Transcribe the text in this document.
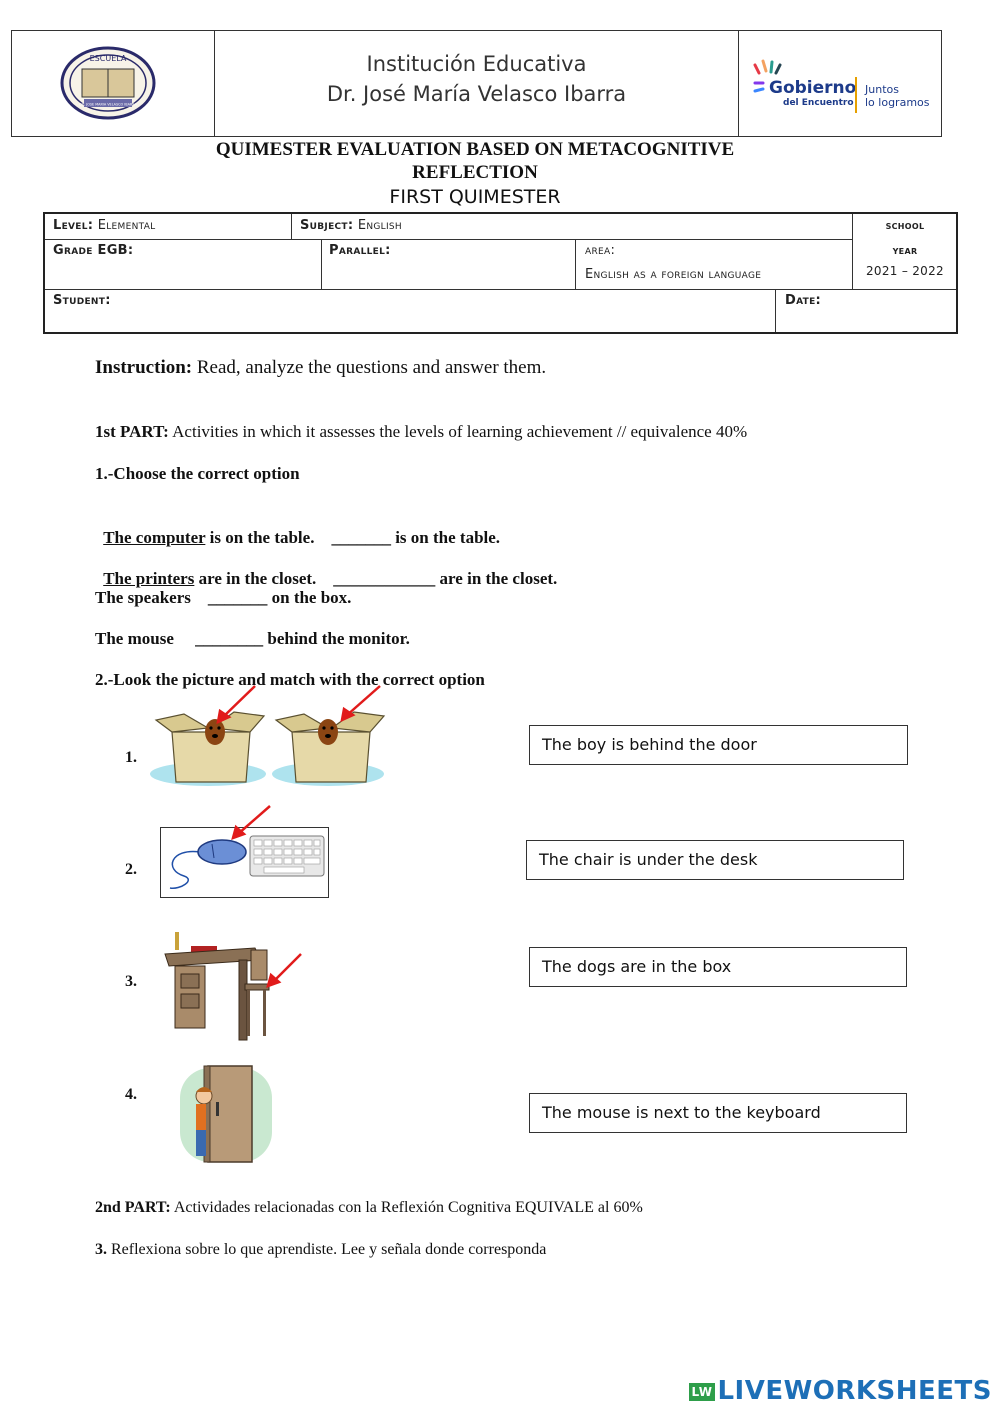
ESCUELA
DR. JOSE MARIA VELASCO IBARRA
Institución Educativa
Dr. José María Velasco Ibarra	Gobierno
del Encuentro
Juntos
lo logramos
QUIMESTER EVALUATION BASED ON METACOGNITIVE
REFLECTION
FIRST QUIMESTER
Level: Elemental	Subject: English	school
year
2021 – 2022
Grade EGB:	Parallel:	area:
English as a foreign language
Student:	Date:
Instruction: Read, analyze the questions and answer them.
1st PART: Activities in which it assesses the levels of learning achievement // equivalence 40%
1.-Choose the correct option

The computer is on the table.    _______ is on the table.

The printers are in the closet.    ____________ are in the closet.

The speakers    _______ on the box.
The mouse     ________ behind the monitor.
2.-Look the picture and match with the correct option
1.
2.
3.
4.
The boy is behind the door
The chair is under the desk
The dogs are in the box
The mouse is next to the keyboard
2nd PART: Actividades relacionadas con la Reflexión Cognitiva EQUIVALE al 60%
3. Reflexiona sobre lo que aprendiste. Lee y señala donde corresponda
LW LIVEWORKSHEETS
